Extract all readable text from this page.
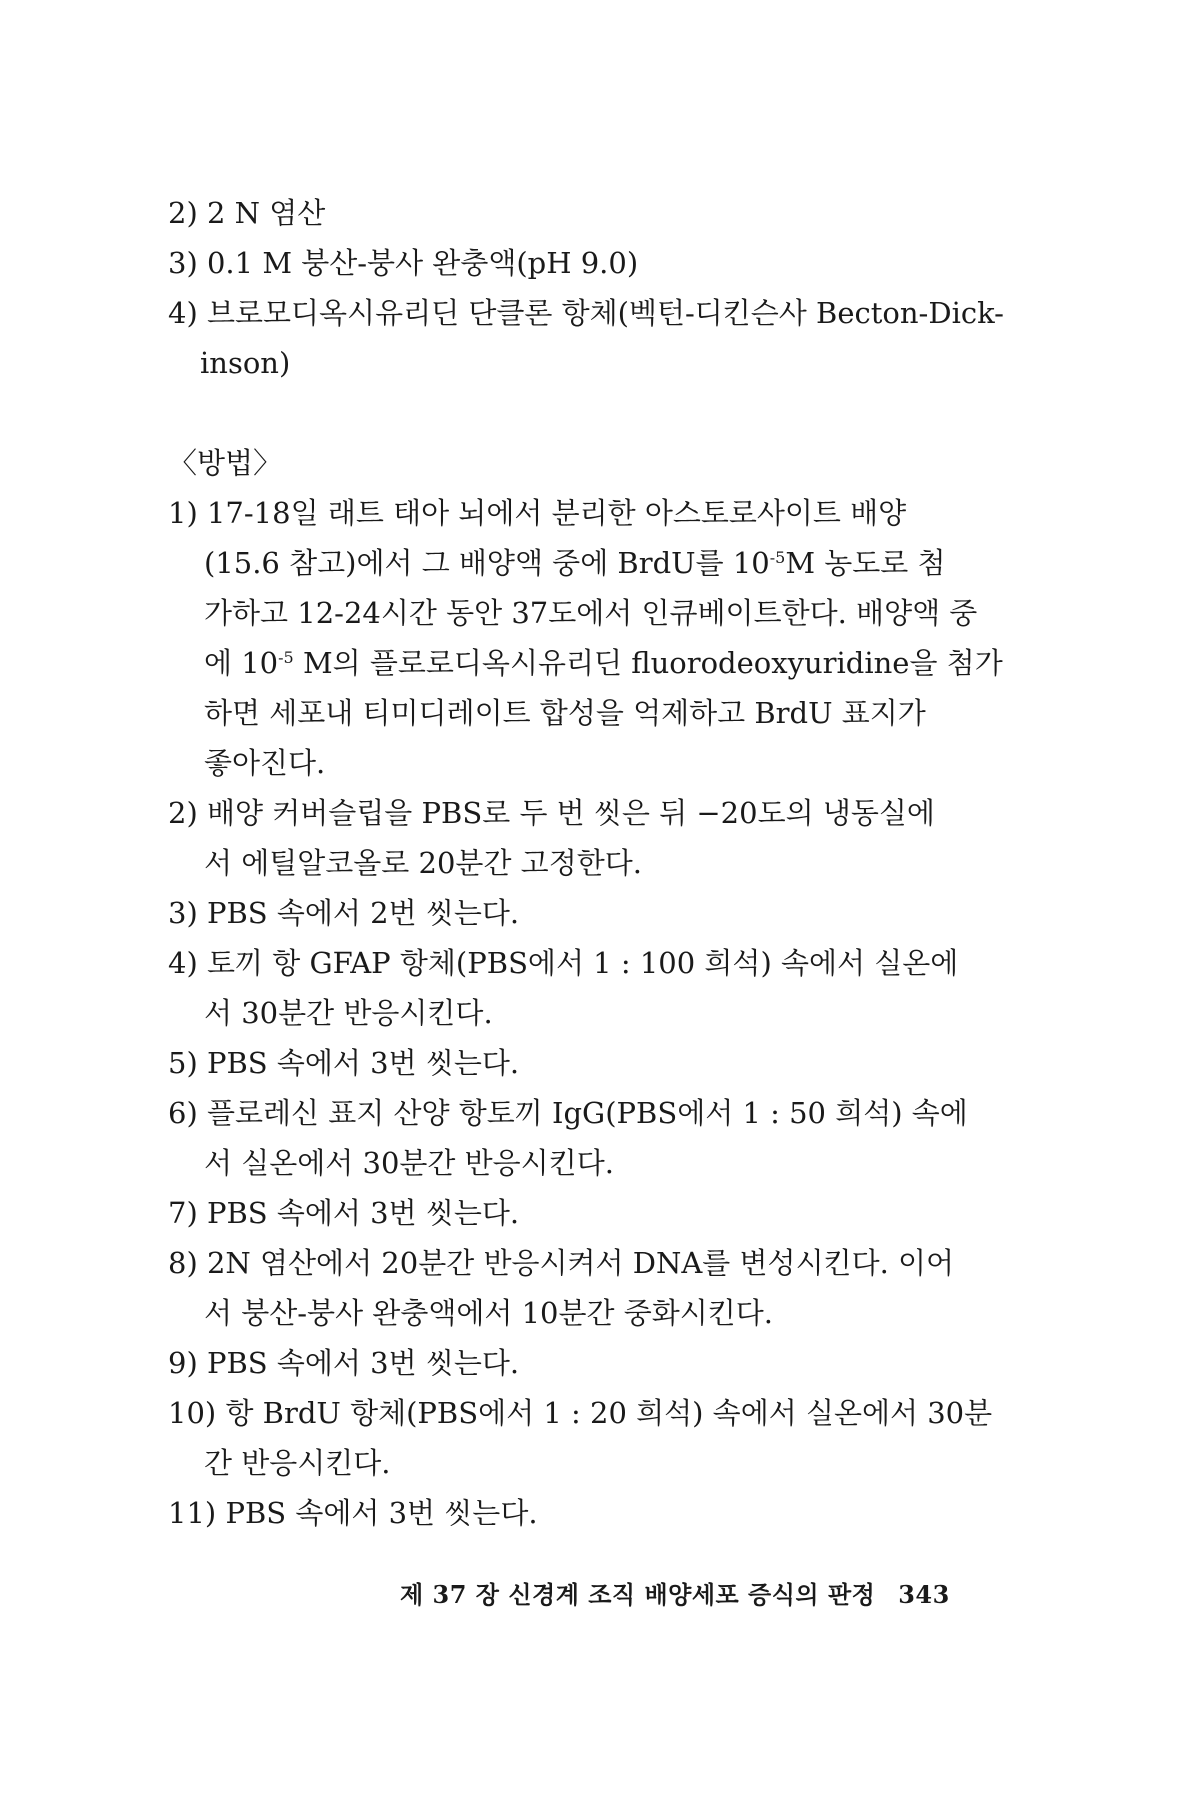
2) 2 N 염산
3) 0.1 M 붕산-붕사 완충액(pH 9.0)
4) 브로모디옥시유리딘 단클론 항체(벡턴-디킨슨사 Becton-Dick-
inson)
〈방법〉
1) 17-18일 래트 태아 뇌에서 분리한 아스토로사이트 배양
(15.6 참고)에서 그 배양액 중에 BrdU를 $10^{-5}M$ 농도로 첨
가하고 12-24시간 동안 37도에서 인큐베이트한다. 배양액 중
에 $10^{-5}$ M의 플로로디옥시유리딘 fluorodeoxyuridine을 첨가
하면 세포내 티미디레이트 합성을 억제하고 BrdU 표지가
좋아진다.
2) 배양 커버슬립을 PBS로 두 번 씻은 뒤 −20도의 냉동실에
서 에틸알코올로 20분간 고정한다.
3) PBS 속에서 2번 씻는다.
4) 토끼 항 GFAP 항체(PBS에서 1 : 100 희석) 속에서 실온에
서 30분간 반응시킨다.
5) PBS 속에서 3번 씻는다.
6) 플로레신 표지 산양 항토끼 IgG(PBS에서 1 : 50 희석) 속에
서 실온에서 30분간 반응시킨다.
7) PBS 속에서 3번 씻는다.
8) 2N 염산에서 20분간 반응시켜서 DNA를 변성시킨다. 이어
서 붕산-붕사 완충액에서 10분간 중화시킨다.
9) PBS 속에서 3번 씻는다.
10) 항 BrdU 항체(PBS에서 1 : 20 희석) 속에서 실온에서 30분
간 반응시킨다.
11) PBS 속에서 3번 씻는다.
제 37 장 신경계 조직 배양세포 증식의 판정 343
